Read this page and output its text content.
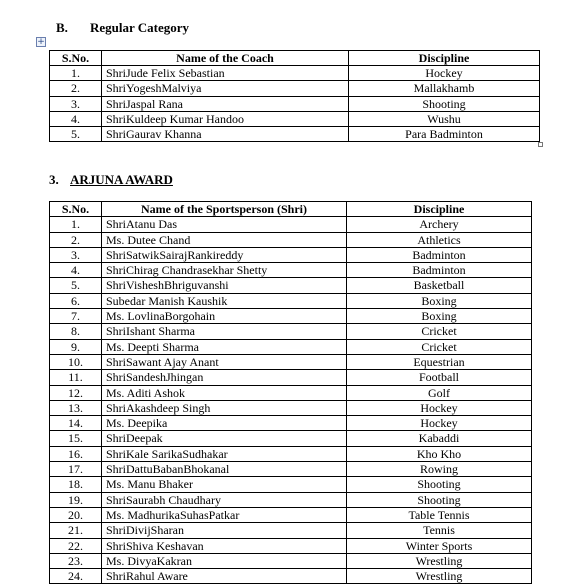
B. Regular Category
+
S.No.	Name of the Coach	Discipline
1.	ShriJude Felix Sebastian	Hockey
2.	ShriYogeshMalviya	Mallakhamb
3.	ShriJaspal Rana	Shooting
4.	ShriKuldeep Kumar Handoo	Wushu
5.	ShriGaurav Khanna	Para Badminton
3. ARJUNA AWARD
S.No.	Name of the Sportsperson (Shri)	Discipline
1.	ShriAtanu Das	Archery
2.	Ms. Dutee Chand	Athletics
3.	ShriSatwikSairajRankireddy	Badminton
4.	ShriChirag Chandrasekhar Shetty	Badminton
5.	ShriVisheshBhriguvanshi	Basketball
6.	Subedar Manish Kaushik	Boxing
7.	Ms. LovlinaBorgohain	Boxing
8.	ShriIshant Sharma	Cricket
9.	Ms. Deepti Sharma	Cricket
10.	ShriSawant Ajay Anant	Equestrian
11.	ShriSandeshJhingan	Football
12.	Ms. Aditi Ashok	Golf
13.	ShriAkashdeep Singh	Hockey
14.	Ms. Deepika	Hockey
15.	ShriDeepak	Kabaddi
16.	ShriKale SarikaSudhakar	Kho Kho
17.	ShriDattuBabanBhokanal	Rowing
18.	Ms. Manu Bhaker	Shooting
19.	ShriSaurabh Chaudhary	Shooting
20.	Ms. MadhurikaSuhasPatkar	Table Tennis
21.	ShriDivijSharan	Tennis
22.	ShriShiva Keshavan	Winter Sports
23.	Ms. DivyaKakran	Wrestling
24.	ShriRahul Aware	Wrestling
